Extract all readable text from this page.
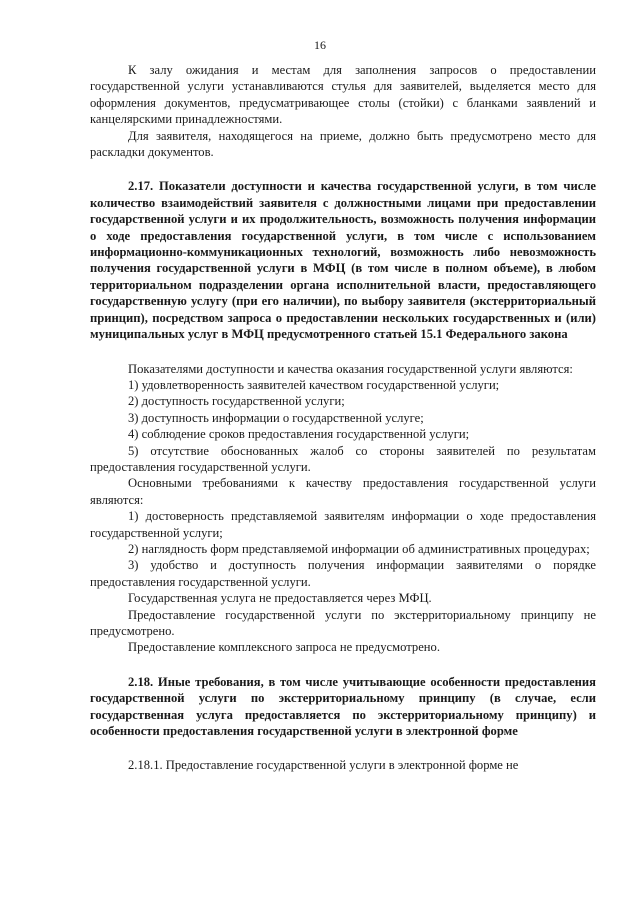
16

К залу ожидания и местам для заполнения запросов о предоставлении государственной услуги устанавливаются стулья для заявителей, выделяется место для оформления документов, предусматривающее столы (стойки) с бланками заявлений и канцелярскими принадлежностями.

Для заявителя, находящегося на приеме, должно быть предусмотрено место для раскладки документов.

2.17. Показатели доступности и качества государственной услуги, в том числе количество взаимодействий заявителя с должностными лицами при предоставлении государственной услуги и их продолжительность, возможность получения информации о ходе предоставления государственной услуги, в том числе с использованием информационно-коммуникационных технологий, возможность либо невозможность получения государственной услуги в МФЦ (в том числе в полном объеме), в любом территориальном подразделении органа исполнительной власти, предоставляющего государственную услугу (при его наличии), по выбору заявителя (экстерриториальный принцип), посредством запроса о предоставлении нескольких государственных и (или) муниципальных услуг в МФЦ предусмотренного статьей 15.1 Федерального закона

Показателями доступности и качества оказания государственной услуги являются:

1) удовлетворенность заявителей качеством государственной услуги;

2) доступность государственной услуги;

3) доступность информации о государственной услуге;

4) соблюдение сроков предоставления государственной услуги;

5) отсутствие обоснованных жалоб со стороны заявителей по результатам предоставления государственной услуги.

Основными требованиями к качеству предоставления государственной услуги являются:

1) достоверность представляемой заявителям информации о ходе предоставления государственной услуги;

2) наглядность форм представляемой информации об административных процедурах;

3) удобство и доступность получения информации заявителями о порядке предоставления государственной услуги.

Государственная услуга не предоставляется через МФЦ.

Предоставление государственной услуги по экстерриториальному принципу не предусмотрено.

Предоставление комплексного запроса не предусмотрено.

2.18. Иные требования, в том числе учитывающие особенности предоставления государственной услуги по экстерриториальному принципу (в случае, если государственная услуга предоставляется по экстерриториальному принципу) и особенности предоставления государственной услуги в электронной форме

2.18.1. Предоставление государственной услуги в электронной форме не
